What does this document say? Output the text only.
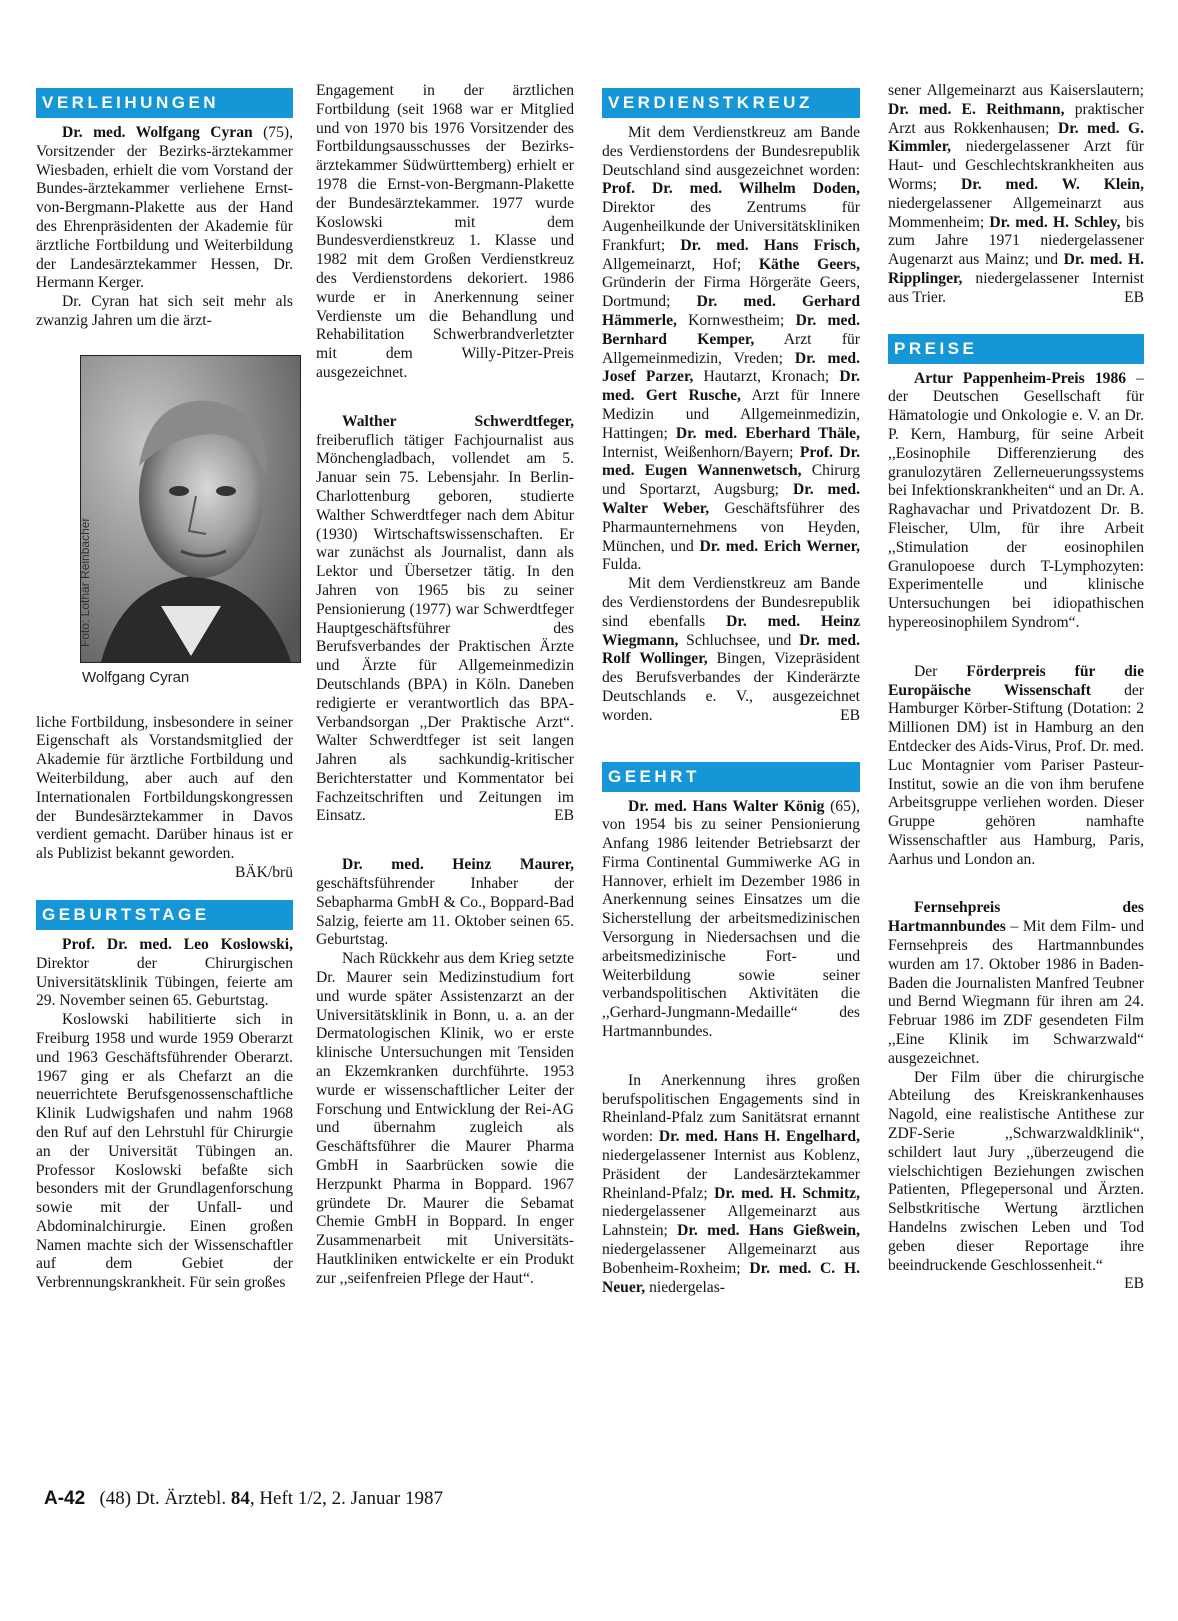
VERLEIHUNGEN

Dr. med. Wolfgang Cyran (75), Vorsitzender der Bezirks-ärztekammer Wiesbaden, erhielt die vom Vorstand der Bundes-ärztekammer verliehene Ernst-von-Bergmann-Plakette aus der Hand des Ehrenpräsidenten der Akademie für ärztliche Fortbildung und Weiterbildung der Landesärztekammer Hessen, Dr. Hermann Kerger.

Dr. Cyran hat sich seit mehr als zwanzig Jahren um die ärzt-

Wolfgang Cyran
Foto: Lothar Reinbacher

liche Fortbildung, insbesondere in seiner Eigenschaft als Vorstandsmitglied der Akademie für ärztliche Fortbildung und Weiterbildung, aber auch auf den Internationalen Fortbildungskongressen der Bundesärztekammer in Davos verdient gemacht. Darüber hinaus ist er als Publizist bekannt geworden.
BÄK/brü

GEBURTSTAGE

Prof. Dr. med. Leo Koslowski, Direktor der Chirurgischen Universitätsklinik Tübingen, feierte am 29. November seinen 65. Geburtstag.

Koslowski habilitierte sich in Freiburg 1958 und wurde 1959 Oberarzt und 1963 Geschäftsführender Oberarzt. 1967 ging er als Chefarzt an die neuerrichtete Berufsgenossenschaftliche Klinik Ludwigshafen und nahm 1968 den Ruf auf den Lehrstuhl für Chirurgie an der Universität Tübingen an. Professor Koslowski befaßte sich besonders mit der Grundlagenforschung sowie mit der Unfall- und Abdominalchirurgie. Einen großen Namen machte sich der Wissenschaftler auf dem Gebiet der Verbrennungskrankheit. Für sein großes

Engagement in der ärztlichen Fortbildung (seit 1968 war er Mitglied und von 1970 bis 1976 Vorsitzender des Fortbildungsausschusses der Bezirks-ärztekammer Südwürttemberg) erhielt er 1978 die Ernst-von-Bergmann-Plakette der Bundesärztekammer. 1977 wurde Koslowski mit dem Bundesverdienstkreuz 1. Klasse und 1982 mit dem Großen Verdienstkreuz des Verdienstordens dekoriert. 1986 wurde er in Anerkennung seiner Verdienste um die Behandlung und Rehabilitation Schwerbrandverletzter mit dem Willy-Pitzer-Preis ausgezeichnet.

Walther Schwerdtfeger, freiberuflich tätiger Fachjournalist aus Mönchengladbach, vollendet am 5. Januar sein 75. Lebensjahr. In Berlin-Charlottenburg geboren, studierte Walther Schwerdtfeger nach dem Abitur (1930) Wirtschaftswissenschaften. Er war zunächst als Journalist, dann als Lektor und Übersetzer tätig. In den Jahren von 1965 bis zu seiner Pensionierung (1977) war Schwerdtfeger Hauptgeschäftsführer des Berufsverbandes der Praktischen Ärzte und Ärzte für Allgemeinmedizin Deutschlands (BPA) in Köln. Daneben redigierte er verantwortlich das BPA-Verbandsorgan ,,Der Praktische Arzt“. Walter Schwerdtfeger ist seit langen Jahren als sachkundig-kritischer Berichterstatter und Kommentator bei Fachzeitschriften und Zeitungen im Einsatz.	EB

Dr. med. Heinz Maurer, geschäftsführender Inhaber der Sebapharma GmbH & Co., Boppard-Bad Salzig, feierte am 11. Oktober seinen 65. Geburtstag.

Nach Rückkehr aus dem Krieg setzte Dr. Maurer sein Medizinstudium fort und wurde später Assistenzarzt an der Universitätsklinik in Bonn, u. a. an der Dermatologischen Klinik, wo er erste klinische Untersuchungen mit Tensiden an Ekzemkranken durchführte. 1953 wurde er wissenschaftlicher Leiter der Forschung und Entwicklung der Rei-AG und übernahm zugleich als Geschäftsführer die Maurer Pharma GmbH in Saarbrücken sowie die Herzpunkt Pharma in Boppard. 1967 gründete Dr. Maurer die Sebamat Chemie GmbH in Boppard. In enger Zusammenarbeit mit Universitäts-Hautkliniken entwickelte er ein Produkt zur ,,seifenfreien Pflege der Haut“.

VERDIENSTKREUZ

Mit dem Verdienstkreuz am Bande des Verdienstordens der Bundesrepublik Deutschland sind ausgezeichnet worden: Prof. Dr. med. Wilhelm Doden, Direktor des Zentrums für Augenheilkunde der Universitätskliniken Frankfurt; Dr. med. Hans Frisch, Allgemeinarzt, Hof; Käthe Geers, Gründerin der Firma Hörgeräte Geers, Dortmund; Dr. med. Gerhard Hämmerle, Kornwestheim; Dr. med. Bernhard Kemper, Arzt für Allgemeinmedizin, Vreden; Dr. med. Josef Parzer, Hautarzt, Kronach; Dr. med. Gert Rusche, Arzt für Innere Medizin und Allgemeinmedizin, Hattingen; Dr. med. Eberhard Thäle, Internist, Weißenhorn/Bayern; Prof. Dr. med. Eugen Wannenwetsch, Chirurg und Sportarzt, Augsburg; Dr. med. Walter Weber, Geschäftsführer des Pharmaunternehmens von Heyden, München, und Dr. med. Erich Werner, Fulda.

Mit dem Verdienstkreuz am Bande des Verdienstordens der Bundesrepublik sind ebenfalls Dr. med. Heinz Wiegmann, Schluchsee, und Dr. med. Rolf Wollinger, Bingen, Vizepräsident des Berufsverbandes der Kinderärzte Deutschlands e. V., ausgezeichnet worden.	EB

GEEHRT

Dr. med. Hans Walter König (65), von 1954 bis zu seiner Pensionierung Anfang 1986 leitender Betriebsarzt der Firma Continental Gummiwerke AG in Hannover, erhielt im Dezember 1986 in Anerkennung seines Einsatzes um die Sicherstellung der arbeitsmedizinischen Versorgung in Niedersachsen und die arbeitsmedizinische Fort- und Weiterbildung sowie seiner verbandspolitischen Aktivitäten die ,,Gerhard-Jungmann-Medaille“ des Hartmannbundes.

In Anerkennung ihres großen berufspolitischen Engagements sind in Rheinland-Pfalz zum Sanitätsrat ernannt worden: Dr. med. Hans H. Engelhard, niedergelassener Internist aus Koblenz, Präsident der Landesärztekammer Rheinland-Pfalz; Dr. med. H. Schmitz, niedergelassener Allgemeinarzt aus Lahnstein; Dr. med. Hans Gießwein, niedergelassener Allgemeinarzt aus Bobenheim-Roxheim; Dr. med. C. H. Neuer, niedergelas-

sener Allgemeinarzt aus Kaiserslautern; Dr. med. E. Reithmann, praktischer Arzt aus Rokkenhausen; Dr. med. G. Kimmler, niedergelassener Arzt für Haut- und Geschlechtskrankheiten aus Worms; Dr. med. W. Klein, niedergelassener Allgemeinarzt aus Mommenheim; Dr. med. H. Schley, bis zum Jahre 1971 niedergelassener Augenarzt aus Mainz; und Dr. med. H. Ripplinger, niedergelassener Internist aus Trier.	EB

PREISE

Artur Pappenheim-Preis 1986 – der Deutschen Gesellschaft für Hämatologie und Onkologie e. V. an Dr. P. Kern, Hamburg, für seine Arbeit ,,Eosinophile Differenzierung des granulozytären Zellerneuerungssystems bei Infektionskrankheiten“ und an Dr. A. Raghavachar und Privatdozent Dr. B. Fleischer, Ulm, für ihre Arbeit ,,Stimulation der eosinophilen Granulopoese durch T-Lymphozyten: Experimentelle und klinische Untersuchungen bei idiopathischen hypereosinophilem Syndrom“.

Der Förderpreis für die Europäische Wissenschaft der Hamburger Körber-Stiftung (Dotation: 2 Millionen DM) ist in Hamburg an den Entdecker des Aids-Virus, Prof. Dr. med. Luc Montagnier vom Pariser Pasteur-Institut, sowie an die von ihm berufene Arbeitsgruppe verliehen worden. Dieser Gruppe gehören namhafte Wissenschaftler aus Hamburg, Paris, Aarhus und London an.

Fernsehpreis des Hartmannbundes – Mit dem Film- und Fernsehpreis des Hartmannbundes wurden am 17. Oktober 1986 in Baden-Baden die Journalisten Manfred Teubner und Bernd Wiegmann für ihren am 24. Februar 1986 im ZDF gesendeten Film ,,Eine Klinik im Schwarzwald“ ausgezeichnet.

Der Film über die chirurgische Abteilung des Kreiskrankenhauses Nagold, eine realistische Antithese zur ZDF-Serie ,,Schwarzwaldklinik“, schildert laut Jury ,,überzeugend die vielschichtigen Beziehungen zwischen Patienten, Pflegepersonal und Ärzten. Selbstkritische Wertung ärztlichen Handelns zwischen Leben und Tod geben dieser Reportage ihre beeindruckende Geschlossenheit.“
EB

A-42 (48) Dt. Ärztebl. 84, Heft 1/2, 2. Januar 1987
